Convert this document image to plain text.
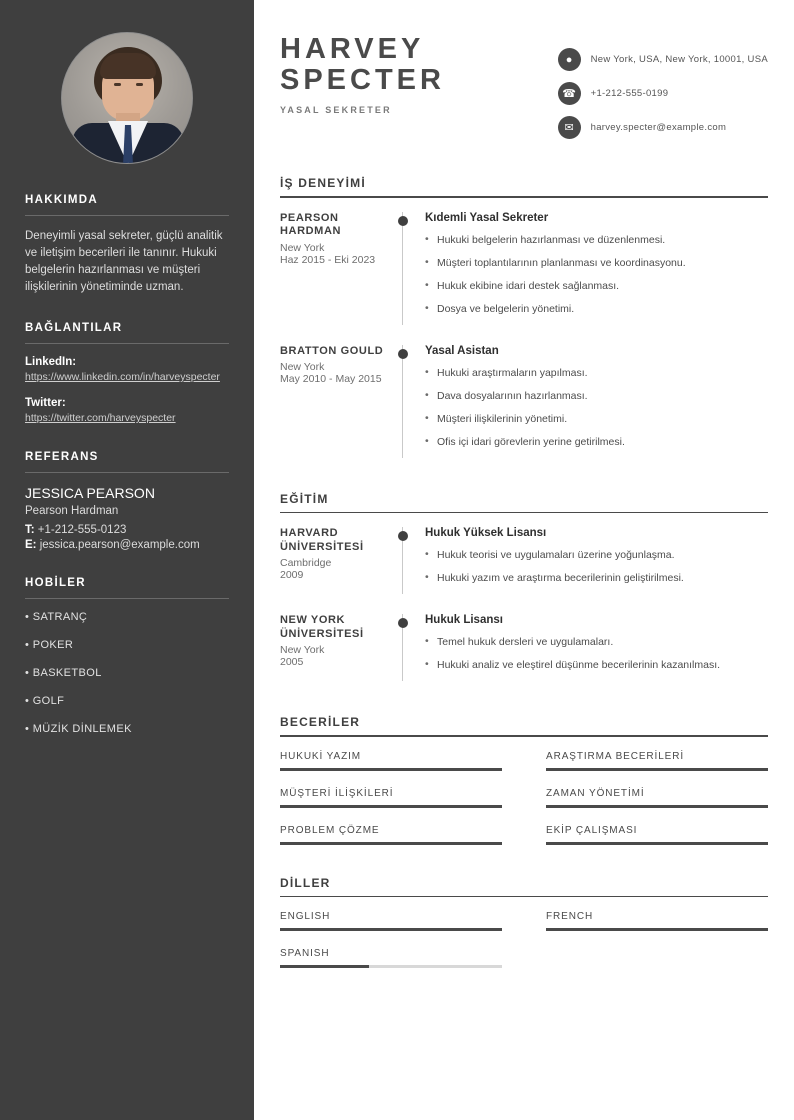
HAKKIMDA
Deneyimli yasal sekreter, güçlü analitik ve iletişim becerileri ile tanınır. Hukuki belgelerin hazırlanması ve müşteri ilişkilerinin yönetiminde uzman.
BAĞLANTILAR
LinkedIn:
https://www.linkedin.com/in/harveyspecter
Twitter:
https://twitter.com/harveyspecter
REFERANS
JESSICA PEARSON
Pearson Hardman
T: +1-212-555-0123
E: jessica.pearson@example.com
HOBİLER
• SATRANÇ
• POKER
• BASKETBOL
• GOLF
• MÜZİK DİNLEMEK
HARVEY
SPECTER
YASAL SEKRETER
●	New York, USA, New York, 10001, USA
☎	+1-212-555-0199
✉	harvey.specter@example.com
İŞ DENEYİMİ
PEARSON HARDMAN
New York
Haz 2015 - Eki 2023
Kıdemli Yasal Sekreter
• Hukuki belgelerin hazırlanması ve düzenlenmesi.
• Müşteri toplantılarının planlanması ve koordinasyonu.
• Hukuk ekibine idari destek sağlanması.
• Dosya ve belgelerin yönetimi.
BRATTON GOULD
New York
May 2010 - May 2015
Yasal Asistan
• Hukuki araştırmaların yapılması.
• Dava dosyalarının hazırlanması.
• Müşteri ilişkilerinin yönetimi.
• Ofis içi idari görevlerin yerine getirilmesi.
EĞİTİM
HARVARD ÜNİVERSİTESİ
Cambridge
2009
Hukuk Yüksek Lisansı
• Hukuk teorisi ve uygulamaları üzerine yoğunlaşma.
• Hukuki yazım ve araştırma becerilerinin geliştirilmesi.
NEW YORK ÜNİVERSİTESİ
New York
2005
Hukuk Lisansı
• Temel hukuk dersleri ve uygulamaları.
• Hukuki analiz ve eleştirel düşünme becerilerinin kazanılması.
BECERİLER
HUKUKİ YAZIM	ARAŞTIRMA BECERİLERİ
MÜŞTERİ İLİŞKİLERİ	ZAMAN YÖNETİMİ
PROBLEM ÇÖZME	EKİP ÇALIŞMASI
DİLLER
ENGLISH	FRENCH
SPANISH
